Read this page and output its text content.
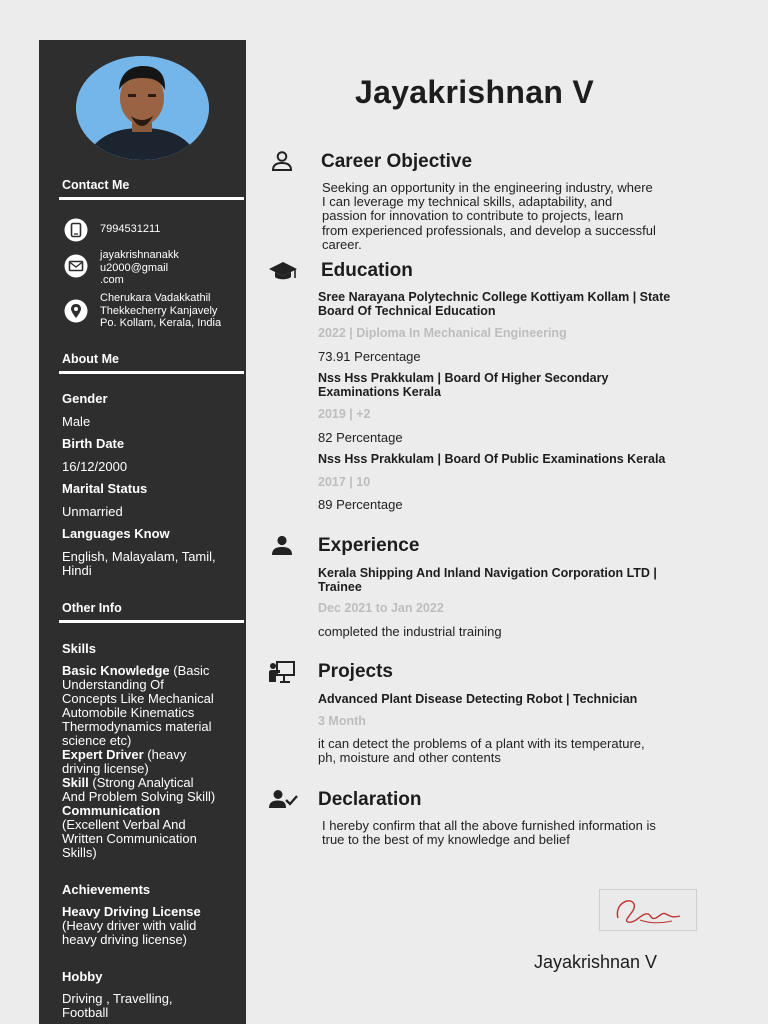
Contact Me
7994531211
jayakrishnanakk
u2000@gmail
.com
Cherukara Vadakkathil
Thekkecherry Kanjavely
Po. Kollam, Kerala, India
About Me
Gender
Male
Birth Date
16/12/2000
Marital Status
Unmarried
Languages Know
English, Malayalam, Tamil,
Hindi
Other Info
Skills
Basic Knowledge (Basic
Understanding Of
Concepts Like Mechanical
Automobile Kinematics
Thermodynamics material
science etc)
Expert Driver (heavy
driving license)
Skill (Strong Analytical
And Problem Solving Skill)
Communication
(Excellent Verbal And
Written Communication
Skills)
Achievements
Heavy Driving License
(Heavy driver with valid
heavy driving license)
Hobby
Driving , Travelling,
Football
Jayakrishnan V
Career Objective
Seeking an opportunity in the engineering industry, where
I can leverage my technical skills, adaptability, and
passion for innovation to contribute to projects, learn
from experienced professionals, and develop a successful
career.
Education
Sree Narayana Polytechnic College Kottiyam Kollam | State
Board Of Technical Education
2022 | Diploma In Mechanical Engineering
73.91 Percentage
Nss Hss Prakkulam | Board Of Higher Secondary
Examinations Kerala
2019 | +2
82 Percentage
Nss Hss Prakkulam | Board Of Public Examinations Kerala
2017 | 10
89 Percentage
Experience
Kerala Shipping And Inland Navigation Corporation LTD |
Trainee
Dec 2021 to Jan 2022
completed the industrial training
Projects
Advanced Plant Disease Detecting Robot | Technician
3 Month
it can detect the problems of a plant with its temperature,
ph, moisture and other contents
Declaration
I hereby confirm that all the above furnished information is
true to the best of my knowledge and belief
Jayakrishnan V
